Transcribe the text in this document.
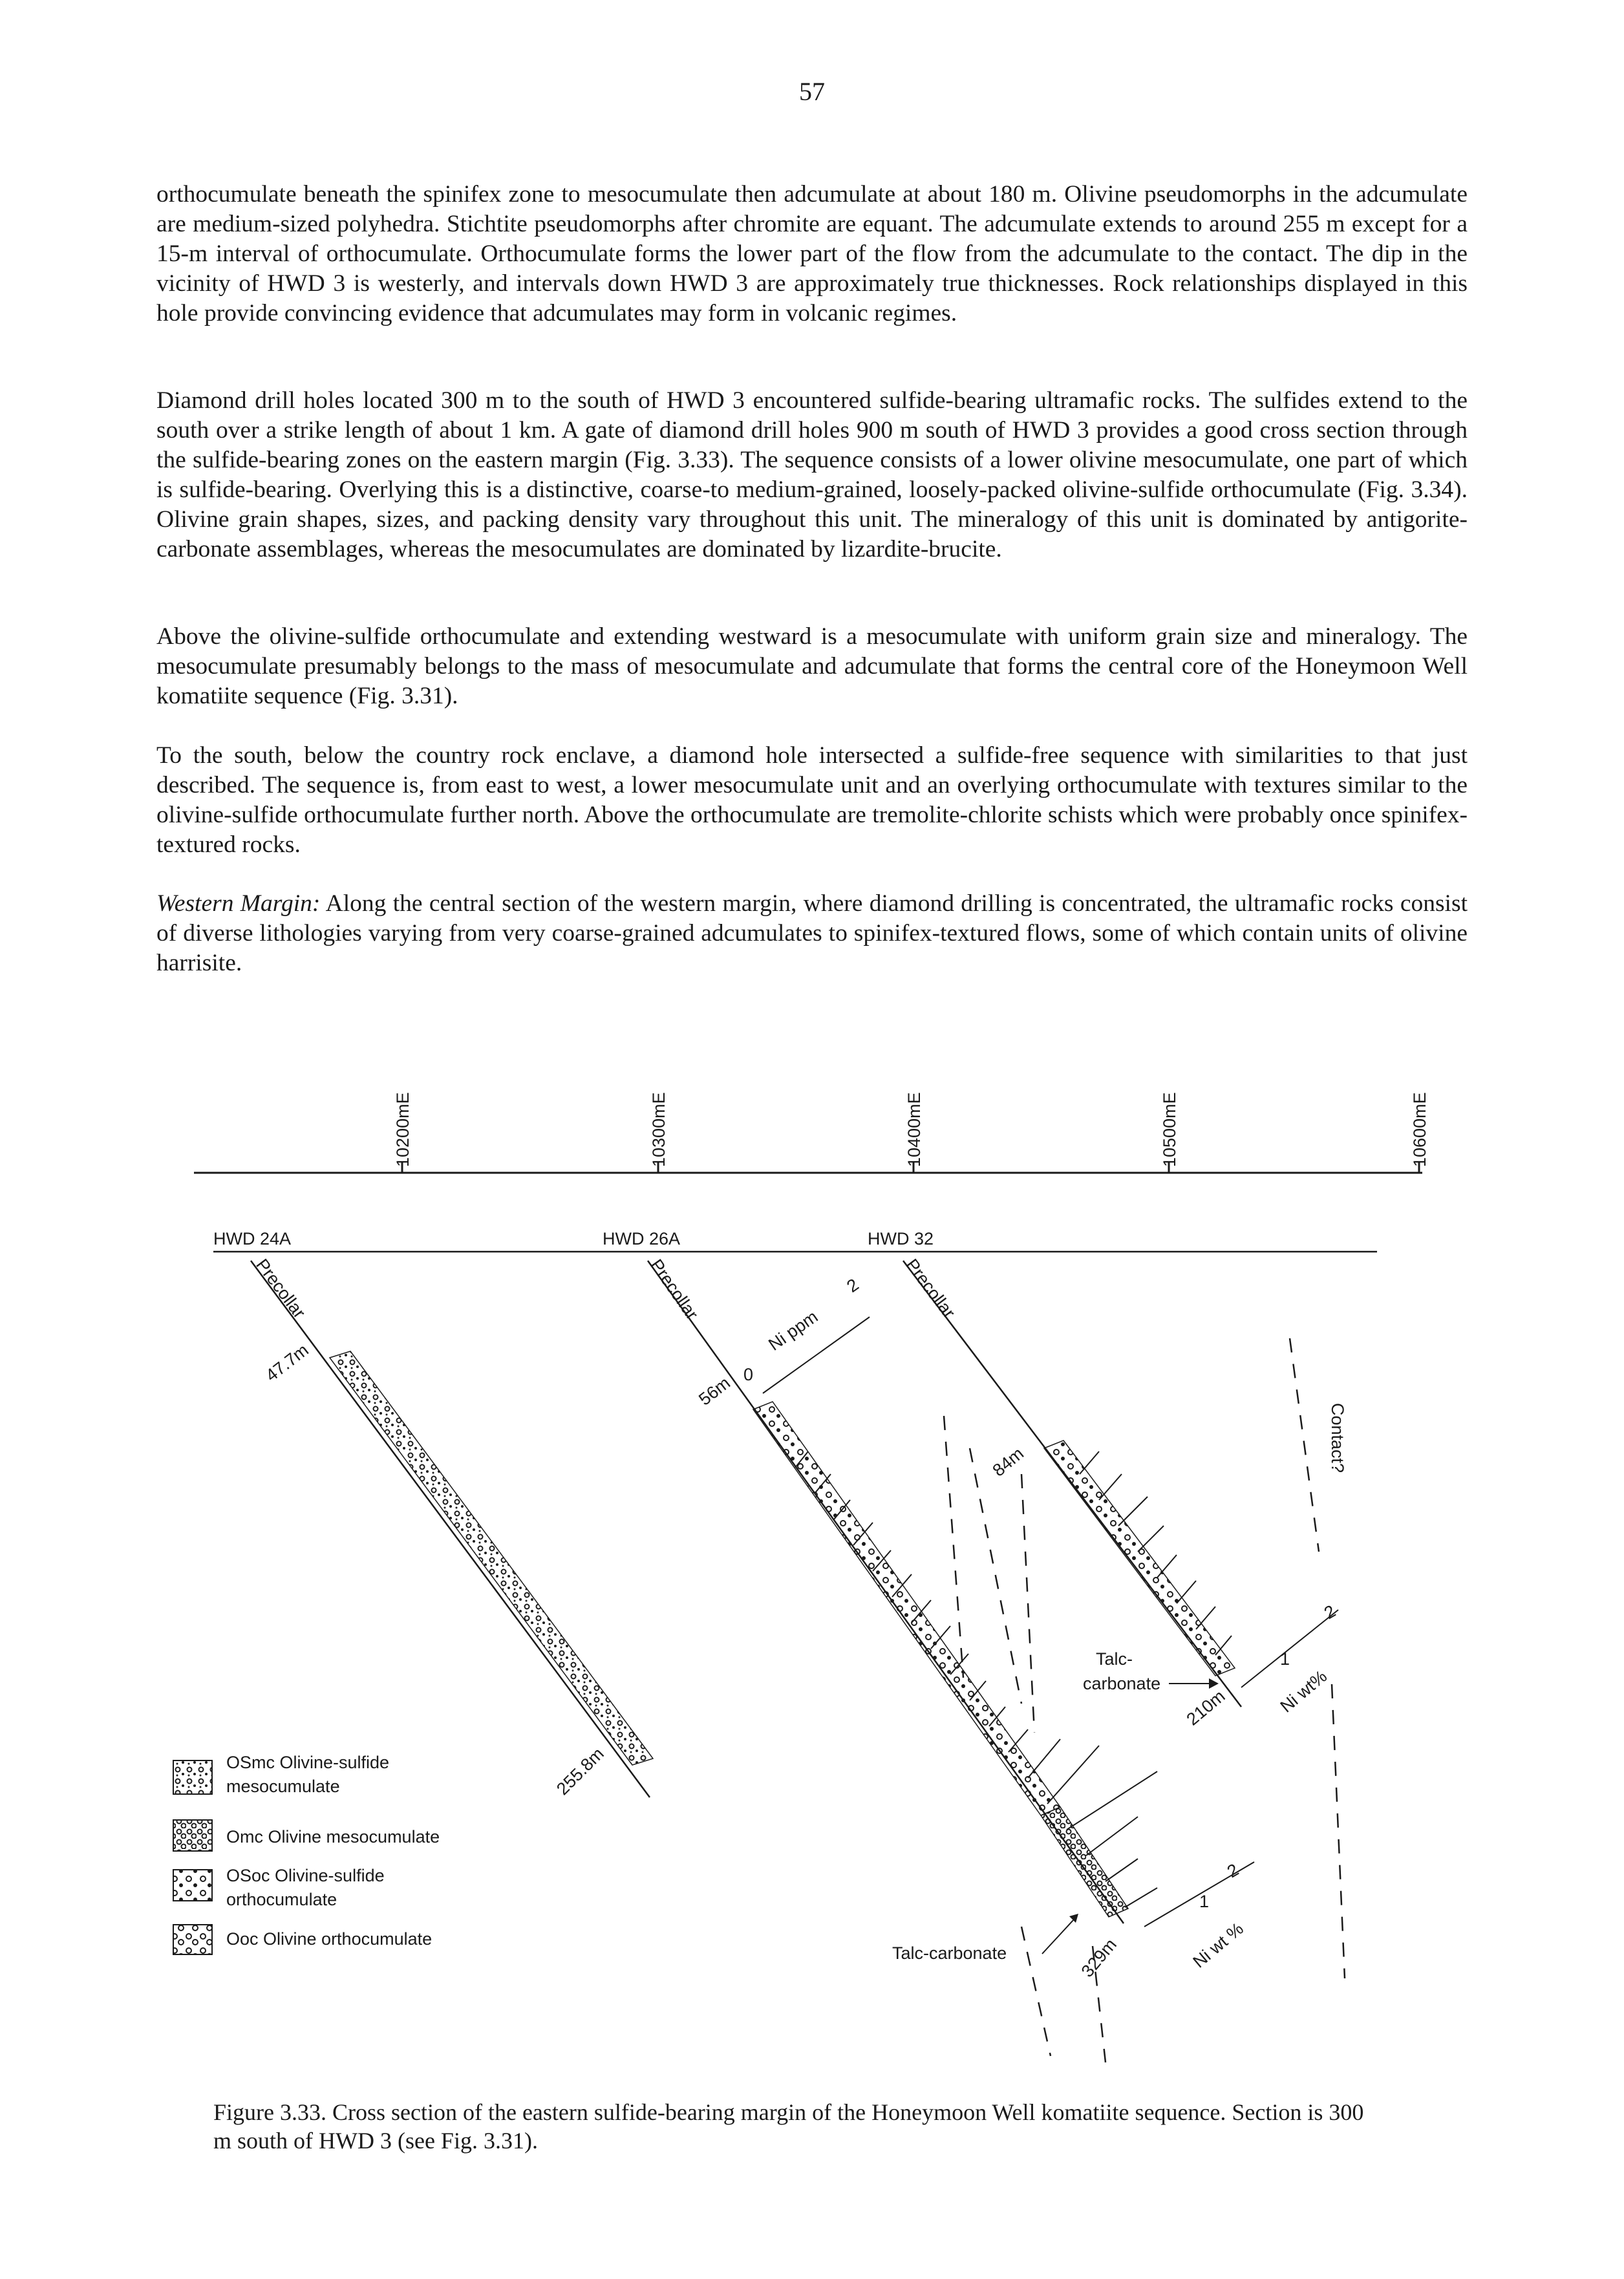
57

orthocumulate beneath the spinifex zone to mesocumulate then adcumulate at about 180 m. Olivine pseudomorphs in the adcumulate are medium-sized polyhedra. Stichtite pseudomorphs after chromite are equant. The adcumulate extends to around 255 m except for a 15-m interval of orthocumulate. Orthocumulate forms the lower part of the flow from the adcumulate to the contact. The dip in the vicinity of HWD 3 is westerly, and intervals down HWD 3 are approximately true thicknesses. Rock relationships displayed in this hole provide convincing evidence that adcumulates may form in volcanic regimes.

Diamond drill holes located 300 m to the south of HWD 3 encountered sulfide-bearing ultramafic rocks. The sulfides extend to the south over a strike length of about 1 km. A gate of diamond drill holes 900 m south of HWD 3 provides a good cross section through the sulfide-bearing zones on the eastern margin (Fig. 3.33). The sequence consists of a lower olivine mesocumulate, one part of which is sulfide-bearing. Overlying this is a distinctive, coarse-to medium-grained, loosely-packed olivine-sulfide orthocumulate (Fig. 3.34). Olivine grain shapes, sizes, and packing density vary throughout this unit. The mineralogy of this unit is dominated by antigorite-carbonate assemblages, whereas the mesocumulates are dominated by lizardite-brucite.

Above the olivine-sulfide orthocumulate and extending westward is a mesocumulate with uniform grain size and mineralogy. The mesocumulate presumably belongs to the mass of mesocumulate and adcumulate that forms the central core of the Honeymoon Well komatiite sequence (Fig. 3.31).

To the south, below the country rock enclave, a diamond hole intersected a sulfide-free sequence with similarities to that just described. The sequence is, from east to west, a lower mesocumulate unit and an overlying orthocumulate with textures similar to the olivine-sulfide orthocumulate further north. Above the orthocumulate are tremolite-chlorite schists which were probably once spinifex-textured rocks.

Western Margin: Along the central section of the western margin, where diamond drilling is concentrated, the ultramafic rocks consist of diverse lithologies varying from very coarse-grained adcumulates to spinifex-textured flows, some of which contain units of olivine harrisite.

10200mE	10300mE	10400mE	10500mE	10600mE
HWD 24A	HWD 26A	HWD 32
Precollar
47.7m
255.8m
Precollar
0
Ni ppm
2
56m
329m
1
2
Ni wt %
Precollar
84m
210m
1
2
Ni wt%
Contact?
Talc-
carbonate
Talc-carbonate
OSmc Olivine-sulfide
mesocumulate
Omc Olivine mesocumulate
OSoc Olivine-sulfide
orthocumulate
Ooc Olivine orthocumulate

Figure 3.33. Cross section of the eastern sulfide-bearing margin of the Honeymoon Well komatiite sequence. Section is 300 m south of HWD 3 (see Fig. 3.31).
